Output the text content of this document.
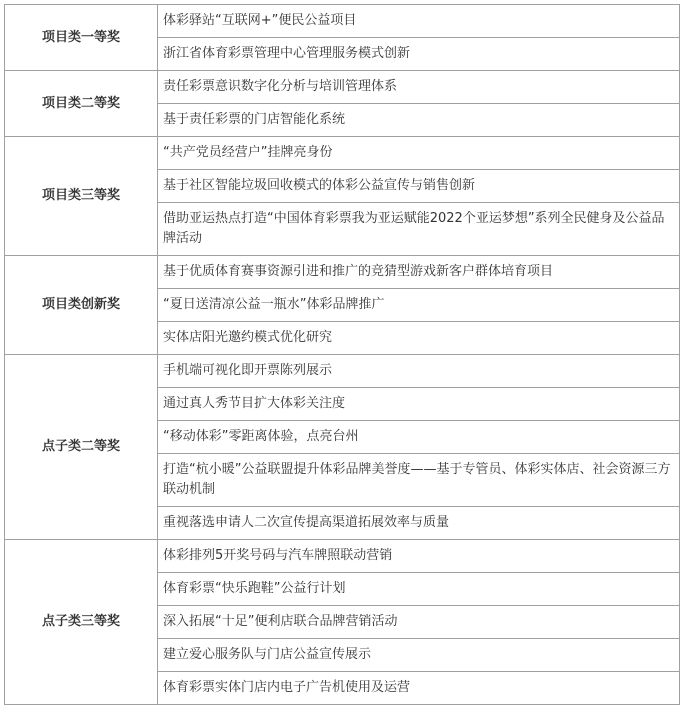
项目类一等奖	体彩驿站“互联网+”便民公益项目
	浙江省体育彩票管理中心管理服务模式创新
项目类二等奖	责任彩票意识数字化分析与培训管理体系
	基于责任彩票的门店智能化系统
项目类三等奖	“共产党员经营户”挂牌亮身份
	基于社区智能垃圾回收模式的体彩公益宣传与销售创新
	借助亚运热点打造“中国体育彩票我为亚运赋能2022个亚运梦想”系列全民健身及公益品牌活动
项目类创新奖	基于优质体育赛事资源引进和推广的竞猜型游戏新客户群体培育项目
	“夏日送清凉公益一瓶水”体彩品牌推广
	实体店阳光邀约模式优化研究
点子类二等奖	手机端可视化即开票陈列展示
	通过真人秀节目扩大体彩关注度
	“移动体彩”零距离体验，点亮台州
	打造“杭小暖”公益联盟提升体彩品牌美誉度——基于专管员、体彩实体店、社会资源三方联动机制
	重视落选申请人二次宣传提高渠道拓展效率与质量
点子类三等奖	体彩排列5开奖号码与汽车牌照联动营销
	体育彩票“快乐跑鞋”公益行计划
	深入拓展“十足”便利店联合品牌营销活动
	建立爱心服务队与门店公益宣传展示
	体育彩票实体门店内电子广告机使用及运营
